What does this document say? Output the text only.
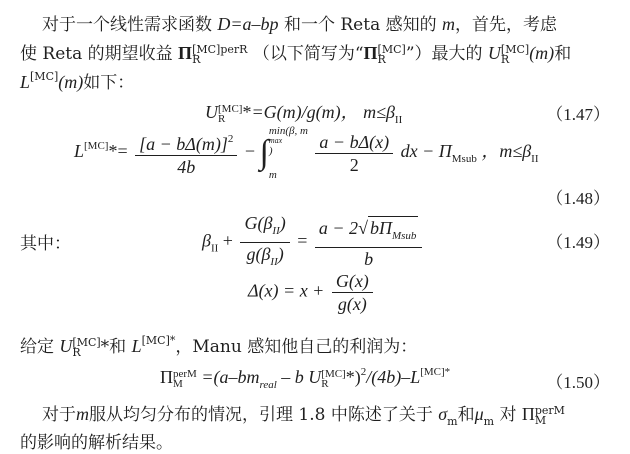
对于一个线性需求函数 D=a–bp 和一个 Reta 感知的 m，首先，考虑
使 Reta 的期望收益 Π [MC]perR
R	（以下简写为“Π [MC]
R	”）最大的 U [MC]
R	(m)和
L[MC](m)如下：
U [MC]
R *=G(m)/g(m)， $m\le\beta_{II}$	（1.47）
$L[MC]*= \frac{[a - b\Delta(m)]^2}{4b}$ − ∫
min(β, m
max
)
m
	$\frac{a - b\Delta(x)}{2}$ dx − $\Pi_{Msub}$ ，$m\le\beta_{II}$
（1.48）
其中：	$\beta_{II} + \frac{G(\beta_{II})}{g(\beta_{II})} = \frac{a - 2√ b\Pi_{Msub}}{b}$	（1.49）
$\Delta(x) = x + \frac{G(x)}{g(x)}$
给定 U [MC]
R	*和 $L^{[MC]*}$，Manu 感知他自己的利润为：
Π perM
M	$=(a-bm_{real} - b$ U [MC]
R $*)^2/(4b)-L^{[MC]*}$
（1.50）
对于m服从均匀分布的情况，引理 1.8 中陈述了关于 $\sigma_m$和$\mu_m$ 对 Π perM
M
的影响的解析结果。
